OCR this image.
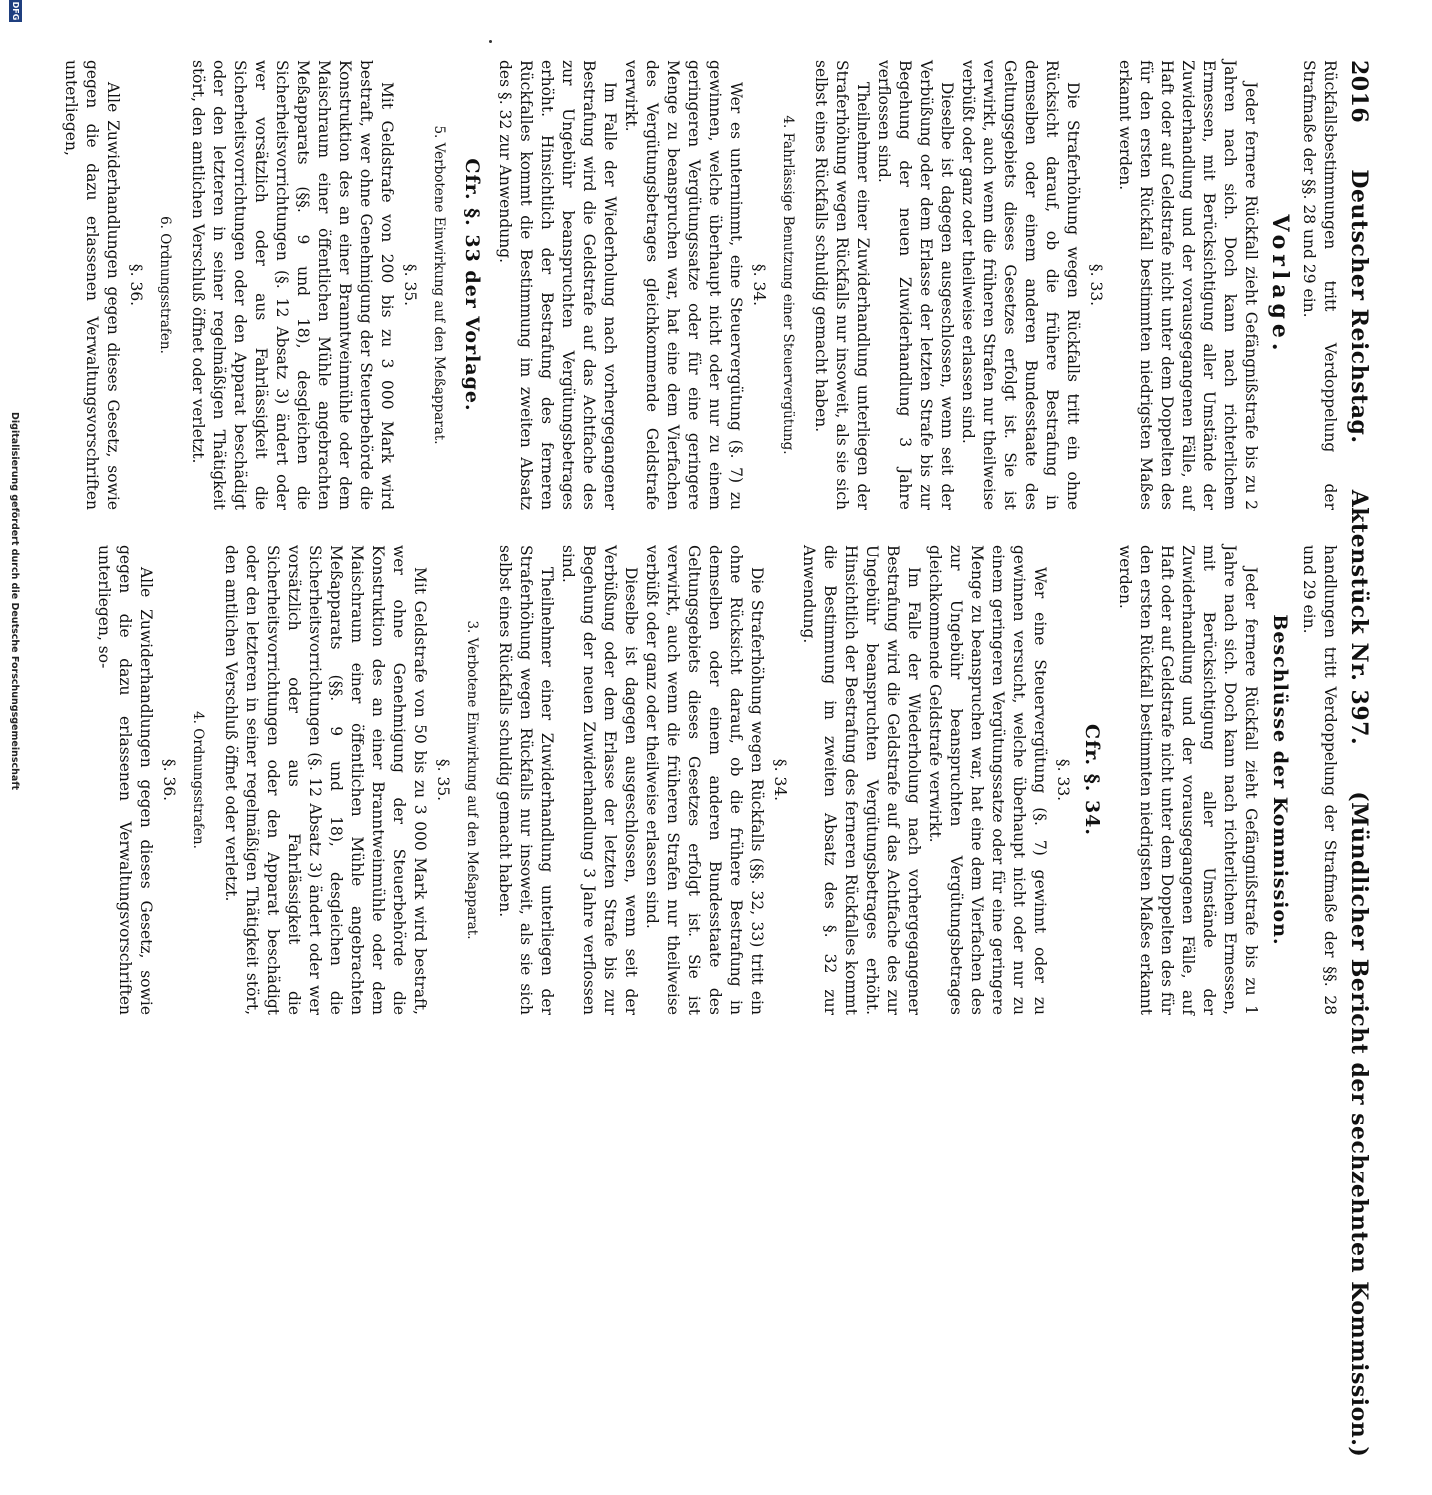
2016 Deutscher Reichstag. Aktenstück Nr. 397. (Mündlicher Bericht der sechzehnten Kommission.)

Rückfallsbestimmungen tritt Verdoppelung der Strafmaße der §§. 28 und 29 ein.

Vorlage.

Jeder fernere Rückfall zieht Gefängnißstrafe bis zu 2 Jahren nach sich. Doch kann nach richterlichem Ermessen, mit Berücksichtigung aller Umstände der Zuwiderhandlung und der vorausgegangenen Fälle, auf Haft oder auf Geldstrafe nicht unter dem Doppelten des für den ersten Rückfall bestimmten niedrigsten Maßes erkannt werden.

§. 33.

Die Straferhöhung wegen Rückfalls tritt ein ohne Rücksicht darauf, ob die frühere Bestrafung in demselben oder einem anderen Bundesstaate des Geltungsgebiets dieses Gesetzes erfolgt ist. Sie ist verwirkt, auch wenn die früheren Strafen nur theilweise verbüßt oder ganz oder theilweise erlassen sind.

Dieselbe ist dagegen ausgeschlossen, wenn seit der Verbüßung oder dem Erlasse der letzten Strafe bis zur Begehung der neuen Zuwiderhandlung 3 Jahre verflossen sind.

Theilnehmer einer Zuwiderhandlung unterliegen der Straferhöhung wegen Rückfalls nur insoweit, als sie sich selbst eines Rückfalls schuldig gemacht haben.

4. Fahrlässige Benutzung einer Steuervergütung.
§. 34.

Wer es unternimmt, eine Steuervergütung (§. 7) zu gewinnen, welche überhaupt nicht oder nur zu einem geringeren Vergütungssatze oder für eine geringere Menge zu beanspruchen war, hat eine dem Vierfachen des Vergütungsbetrages gleichkommende Geldstrafe verwirkt.

Im Falle der Wiederholung nach vorhergegangener Bestrafung wird die Geldstrafe auf das Achtfache des zur Ungebühr beanspruchten Vergütungsbetrages erhöht. Hinsichtlich der Bestrafung des ferneren Rückfalles kommt die Bestimmung im zweiten Absatz des §. 32 zur Anwendung.

Cfr. §. 33 der Vorlage.
5. Verbotene Einwirkung auf den Meßapparat.
§. 35.

Mit Geldstrafe von 200 bis zu 3 000 Mark wird bestraft, wer ohne Genehmigung der Steuerbehörde die Konstruktion des an einer Branntweinmühle oder dem Maischraum einer öffentlichen Mühle angebrachten Meßapparats (§§. 9 und 18), desgleichen die Sicherheitsvorrichtungen (§. 12 Absatz 3) ändert oder wer vorsätzlich oder aus Fahrlässigkeit die Sicherheitsvorrichtungen oder den Apparat beschädigt oder den letzteren in seiner regelmäßigen Thätigkeit stört, den amtlichen Verschluß öffnet oder verletzt.

6. Ordnungsstrafen.
§. 36.

Alle Zuwiderhandlungen gegen dieses Gesetz, sowie gegen die dazu erlassenen Verwaltungsvorschriften unterliegen,

handlungen tritt Verdoppelung der Strafmaße der §§. 28 und 29 ein.

Beschlüsse der Kommission.

Jeder fernere Rückfall zieht Gefängnißstrafe bis zu 1 Jahre nach sich. Doch kann nach richterlichem Ermessen, mit Berücksichtigung aller Umstände der Zuwiderhandlung und der vorausgegangenen Fälle, auf Haft oder auf Geldstrafe nicht unter dem Doppelten des für den ersten Rückfall bestimmten niedrigsten Maßes erkannt werden.

Cfr. §. 34.
§. 33.

Wer eine Steuervergütung (§. 7) gewinnt oder zu gewinnen versucht, welche überhaupt nicht oder nur zu einem geringeren Vergütungssatze oder für eine geringere Menge zu beanspruchen war, hat eine dem Vierfachen des zur Ungebühr beanspruchten Vergütungsbetrages gleichkommende Geldstrafe verwirkt.

Im Falle der Wiederholung nach vorhergegangener Bestrafung wird die Geldstrafe auf das Achtfache des zur Ungebühr beanspruchten Vergütungsbetrages erhöht. Hinsichtlich der Bestrafung des ferneren Rückfalles kommt die Bestimmung im zweiten Absatz des §. 32 zur Anwendung.

§. 34.

Die Straferhöhung wegen Rückfalls (§§. 32, 33) tritt ein ohne Rücksicht darauf, ob die frühere Bestrafung in demselben oder einem anderen Bundesstaate des Geltungsgebiets dieses Gesetzes erfolgt ist. Sie ist verwirkt, auch wenn die früheren Strafen nur theilweise verbüßt oder ganz oder theilweise erlassen sind.

Dieselbe ist dagegen ausgeschlossen, wenn seit der Verbüßung oder dem Erlasse der letzten Strafe bis zur Begehung der neuen Zuwiderhandlung 3 Jahre verflossen sind.

Theilnehmer einer Zuwiderhandlung unterliegen der Straferhöhung wegen Rückfalls nur insoweit, als sie sich selbst eines Rückfalls schuldig gemacht haben.

3. Verbotene Einwirkung auf den Meßapparat.
§. 35.

Mit Geldstrafe von 50 bis zu 3 000 Mark wird bestraft, wer ohne Genehmigung der Steuerbehörde die Konstruktion des an einer Branntweinmühle oder dem Maischraum einer öffentlichen Mühle angebrachten Meßapparats (§§. 9 und 18), desgleichen die Sicherheitsvorrichtungen (§. 12 Absatz 3) ändert oder wer vorsätzlich oder aus Fahrlässigkeit die Sicherheitsvorrichtungen oder den Apparat beschädigt oder den letzteren in seiner regelmäßigen Thätigkeit stört, den amtlichen Verschluß öffnet oder verletzt.

4. Ordnungsstrafen.
§. 36.

Alle Zuwiderhandlungen gegen dieses Gesetz, sowie gegen die dazu erlassenen Verwaltungsvorschriften unterliegen, so-

DFG
Digitalisierung gefördert durch die Deutsche Forschungsgemeinschaft
